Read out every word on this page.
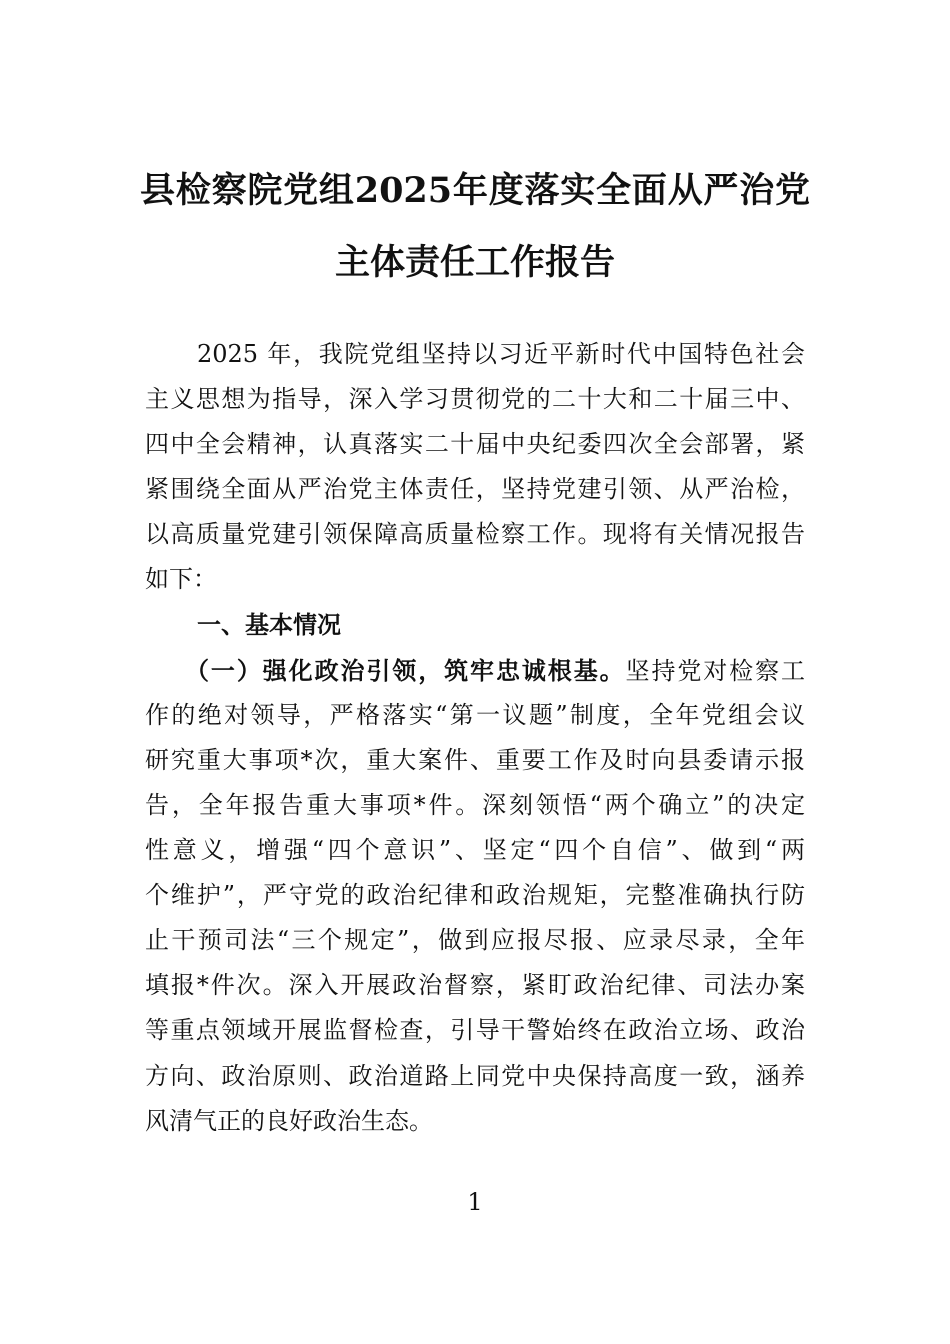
县检察院党组2025年度落实全面从严治党
主体责任工作报告
2025 年，我院党组坚持以习近平新时代中国特色社会
主义思想为指导，深入学习贯彻党的二十大和二十届三中、
四中全会精神，认真落实二十届中央纪委四次全会部署，紧
紧围绕全面从严治党主体责任，坚持党建引领、从严治检，
以高质量党建引领保障高质量检察工作。现将有关情况报告
如下：
一、基本情况
（一）强化政治引领，筑牢忠诚根基。坚持党对检察工
作的绝对领导，严格落实“第一议题”制度，全年党组会议
研究重大事项*次，重大案件、重要工作及时向县委请示报
告，全年报告重大事项*件。深刻领悟“两个确立”的决定
性意义，增强“四个意识”、坚定“四个自信”、做到“两
个维护”，严守党的政治纪律和政治规矩，完整准确执行防
止干预司法“三个规定”，做到应报尽报、应录尽录，全年
填报*件次。深入开展政治督察，紧盯政治纪律、司法办案
等重点领域开展监督检查，引导干警始终在政治立场、政治
方向、政治原则、政治道路上同党中央保持高度一致，涵养
风清气正的良好政治生态。
1
